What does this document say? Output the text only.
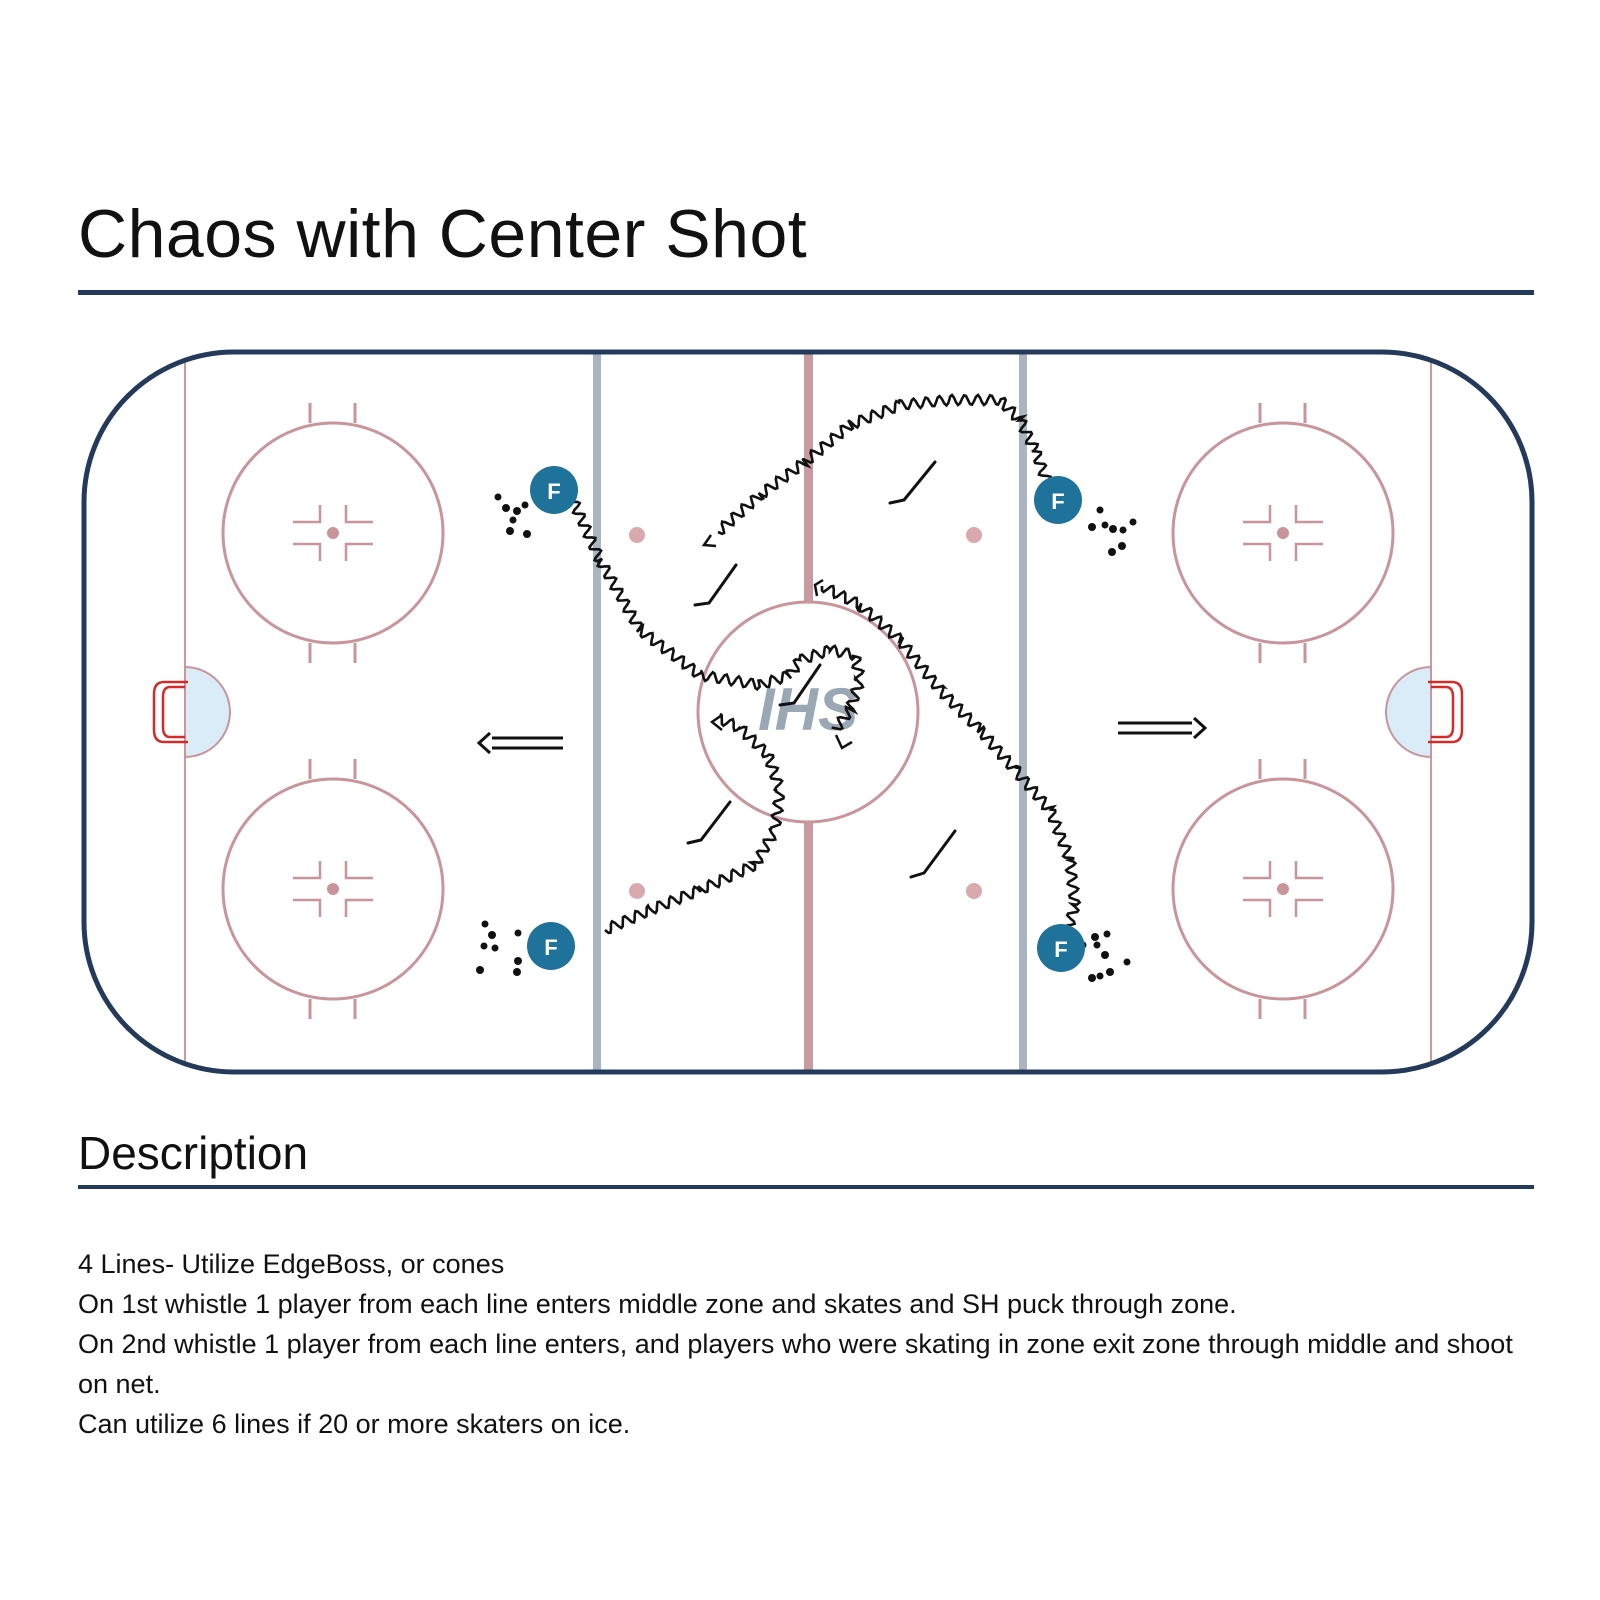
Chaos with Center Shot
IHS
F	F
F	F
Description

4 Lines- Utilize EdgeBoss, or cones

On 1st whistle 1 player from each line enters middle zone and skates and SH puck through zone.

On 2nd whistle 1 player from each line enters, and players who were skating in zone exit zone through middle and shoot on net.

Can utilize 6 lines if 20 or more skaters on ice.
